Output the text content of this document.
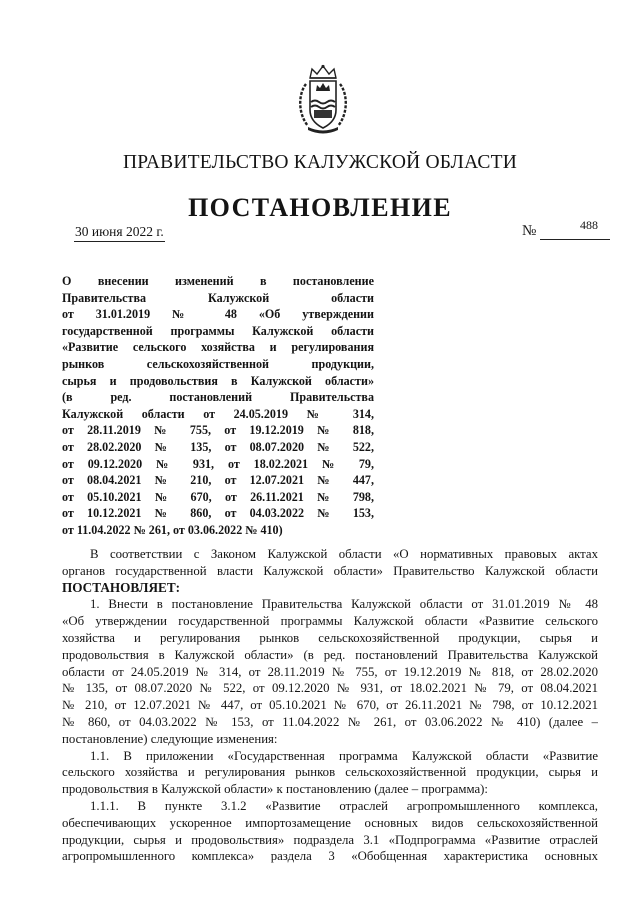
ПРАВИТЕЛЬСТВО КАЛУЖСКОЙ ОБЛАСТИ
ПОСТАНОВЛЕНИЕ
30 июня 2022 г.	№	488
О внесении изменений в постановление
Правительства Калужской области
от 31.01.2019 № 48 «Об утверждении
государственной программы Калужской области
«Развитие сельского хозяйства и регулирования
рынков сельскохозяйственной продукции,
сырья и продовольствия в Калужской области»
(в ред. постановлений Правительства
Калужской области от 24.05.2019 № 314,
от 28.11.2019 № 755, от 19.12.2019 № 818,
от 28.02.2020 № 135, от 08.07.2020 № 522,
от 09.12.2020 № 931, от 18.02.2021 № 79,
от 08.04.2021 № 210, от 12.07.2021 № 447,
от 05.10.2021 № 670, от 26.11.2021 № 798,
от 10.12.2021 № 860, от 04.03.2022 № 153,
от 11.04.2022 № 261, от 03.06.2022 № 410)
В соответствии с Законом Калужской области «О нормативных правовых актах
органов государственной власти Калужской области» Правительство Калужской области
ПОСТАНОВЛЯЕТ:
1. Внести в постановление Правительства Калужской области от 31.01.2019 № 48
«Об утверждении государственной программы Калужской области «Развитие сельского
хозяйства и регулирования рынков сельскохозяйственной продукции, сырья и
продовольствия в Калужской области» (в ред. постановлений Правительства Калужской
области от 24.05.2019 № 314, от 28.11.2019 № 755, от 19.12.2019 № 818, от 28.02.2020
№ 135, от 08.07.2020 № 522, от 09.12.2020 № 931, от 18.02.2021 № 79, от 08.04.2021
№ 210, от 12.07.2021 № 447, от 05.10.2021 № 670, от 26.11.2021 № 798, от 10.12.2021
№ 860, от 04.03.2022 № 153, от 11.04.2022 № 261, от 03.06.2022 № 410) (далее –
постановление) следующие изменения:
1.1. В приложении «Государственная программа Калужской области «Развитие
сельского хозяйства и регулирования рынков сельскохозяйственной продукции, сырья и
продовольствия в Калужской области» к постановлению (далее – программа):
1.1.1. В пункте 3.1.2 «Развитие отраслей агропромышленного комплекса,
обеспечивающих ускоренное импортозамещение основных видов сельскохозяйственной
продукции, сырья и продовольствия» подраздела 3.1 «Подпрограмма «Развитие отраслей
агропромышленного комплекса» раздела 3 «Обобщенная характеристика основных
